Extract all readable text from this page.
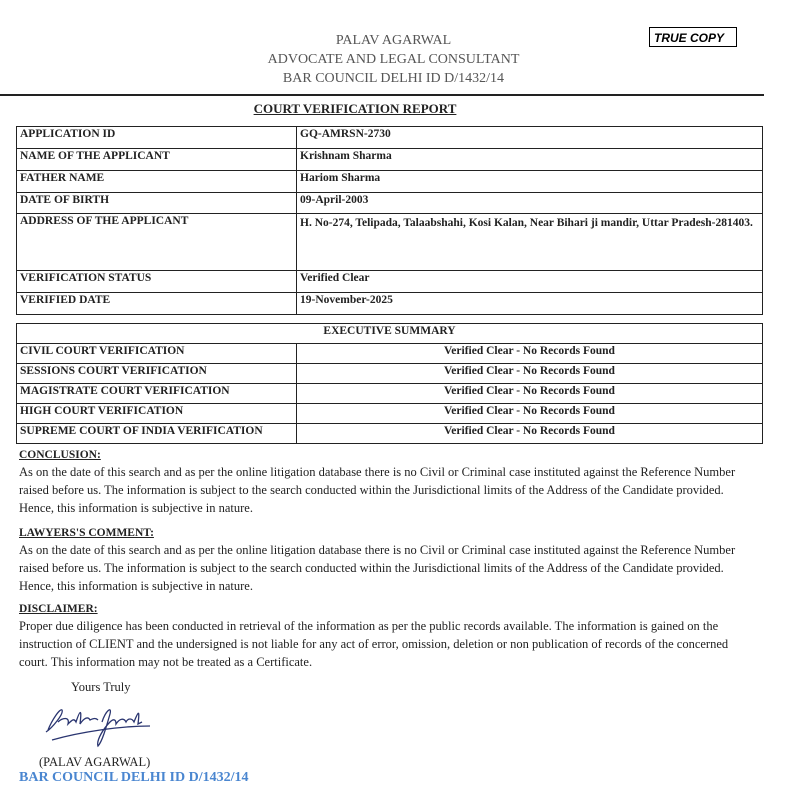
PALAV AGARWAL
ADVOCATE AND LEGAL CONSULTANT
BAR COUNCIL DELHI ID D/1432/14
TRUE COPY
COURT VERIFICATION REPORT
APPLICATION ID	GQ-AMRSN-2730
NAME OF THE APPLICANT	Krishnam Sharma
FATHER NAME	Hariom Sharma
DATE OF BIRTH	09-April-2003
ADDRESS OF THE APPLICANT	H. No-274, Telipada, Talaabshahi, Kosi Kalan, Near Bihari ji mandir, Uttar Pradesh-281403.
VERIFICATION STATUS	Verified Clear
VERIFIED DATE	19-November-2025
EXECUTIVE SUMMARY	
CIVIL COURT VERIFICATION	Verified Clear - No Records Found
SESSIONS COURT VERIFICATION	Verified Clear - No Records Found
MAGISTRATE COURT VERIFICATION	Verified Clear - No Records Found
HIGH COURT VERIFICATION	Verified Clear - No Records Found
SUPREME COURT OF INDIA VERIFICATION	Verified Clear - No Records Found
CONCLUSION:
As on the date of this search and as per the online litigation database there is no Civil or Criminal case instituted against the Reference Number raised before us. The information is subject to the search conducted within the Jurisdictional limits of the Address of the Candidate provided. Hence, this information is subjective in nature.
LAWYERS'S COMMENT:
As on the date of this search and as per the online litigation database there is no Civil or Criminal case instituted against the Reference Number raised before us. The information is subject to the search conducted within the Jurisdictional limits of the Address of the Candidate provided. Hence, this information is subjective in nature.
DISCLAIMER:
Proper due diligence has been conducted in retrieval of the information as per the public records available. The information is gained on the instruction of CLIENT and the undersigned is not liable for any act of error, omission, deletion or non publication of records of the concerned court. This information may not be treated as a Certificate.
Yours Truly
(PALAV AGARWAL)
BAR COUNCIL DELHI ID D/1432/14
